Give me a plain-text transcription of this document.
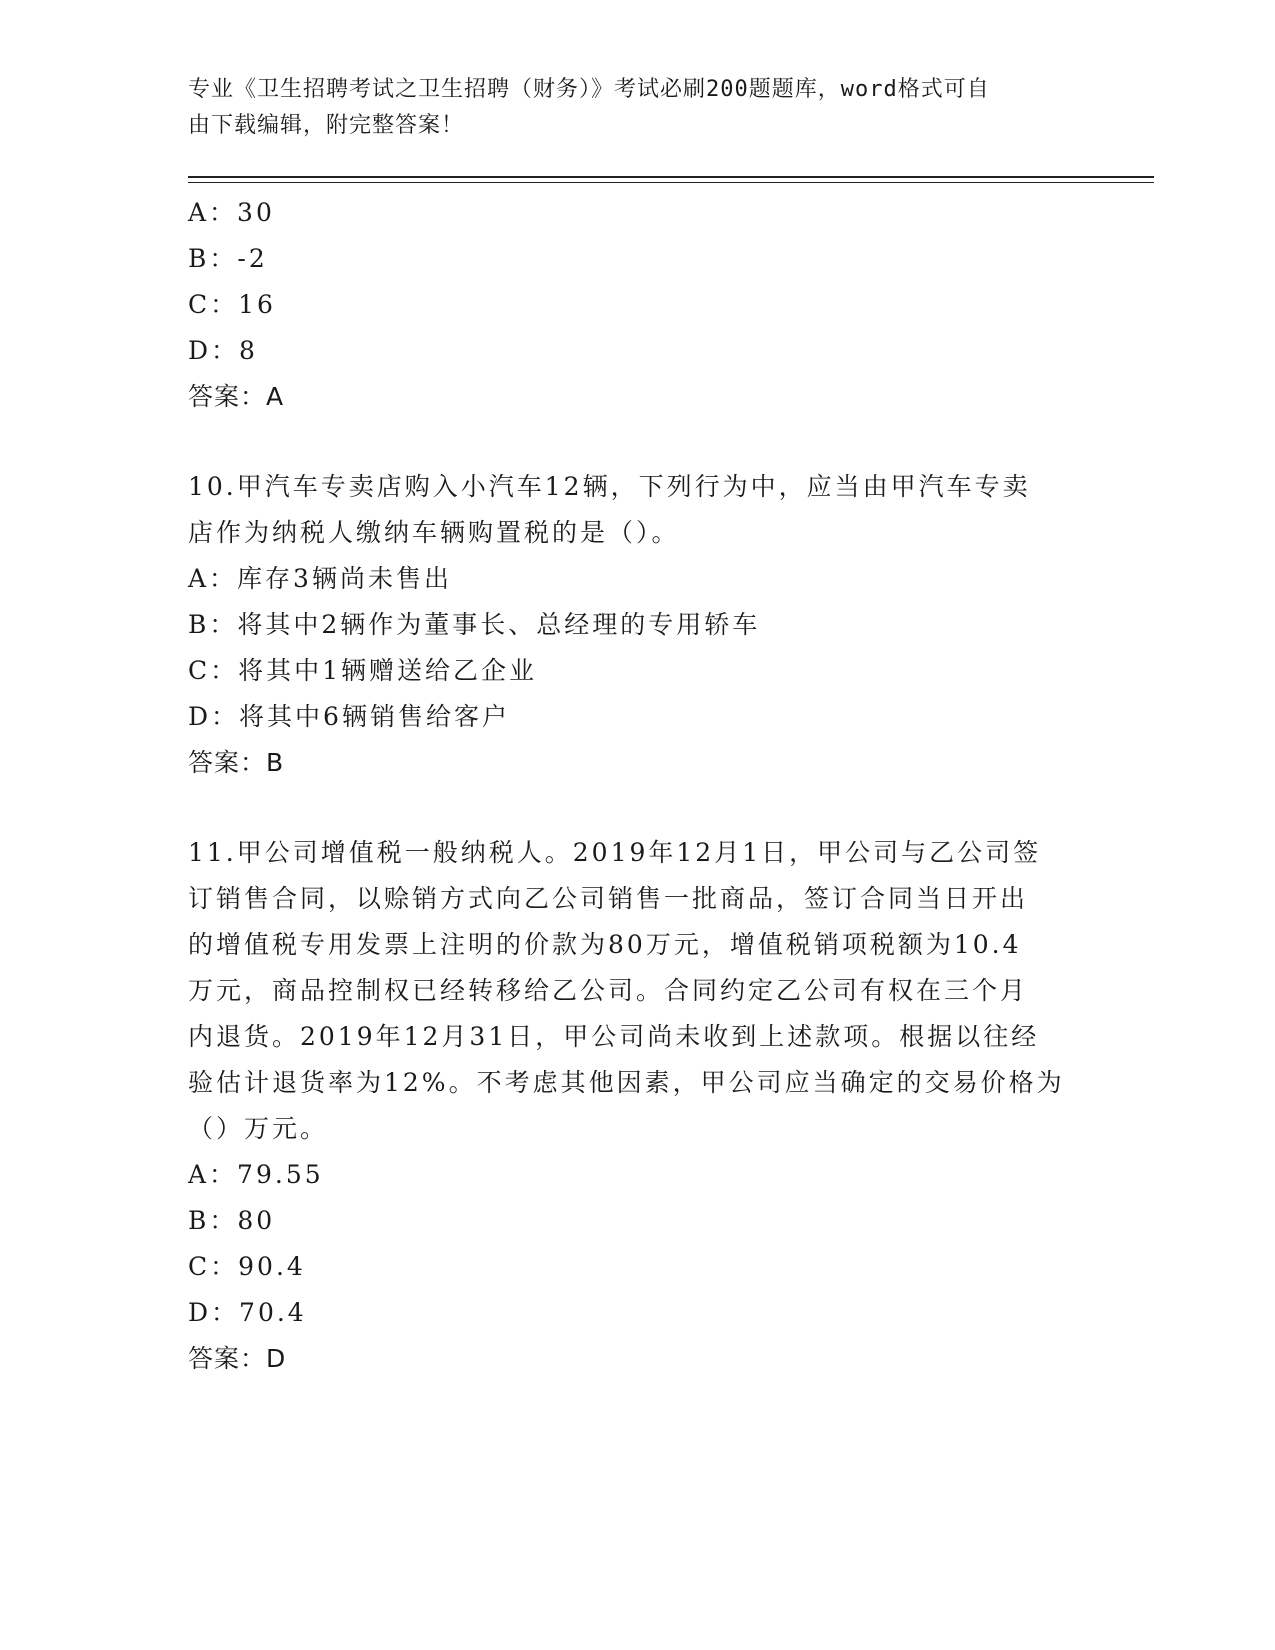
专业《卫生招聘考试之卫生招聘（财务）》考试必刷200题题库，word格式可自
由下载编辑，附完整答案！
A：30
B：-2
C：16
D：8
答案：A
10.甲汽车专卖店购入小汽车12辆，下列行为中，应当由甲汽车专卖
店作为纳税人缴纳车辆购置税的是（）。
A：库存3辆尚未售出
B：将其中2辆作为董事长、总经理的专用轿车
C：将其中1辆赠送给乙企业
D：将其中6辆销售给客户
答案：B
11.甲公司增值税一般纳税人。2019年12月1日，甲公司与乙公司签
订销售合同，以赊销方式向乙公司销售一批商品，签订合同当日开出
的增值税专用发票上注明的价款为80万元，增值税销项税额为10.4
万元，商品控制权已经转移给乙公司。合同约定乙公司有权在三个月
内退货。2019年12月31日，甲公司尚未收到上述款项。根据以往经
验估计退货率为12%。不考虑其他因素，甲公司应当确定的交易价格为
（）万元。
A：79.55
B：80
C：90.4
D：70.4
答案：D
